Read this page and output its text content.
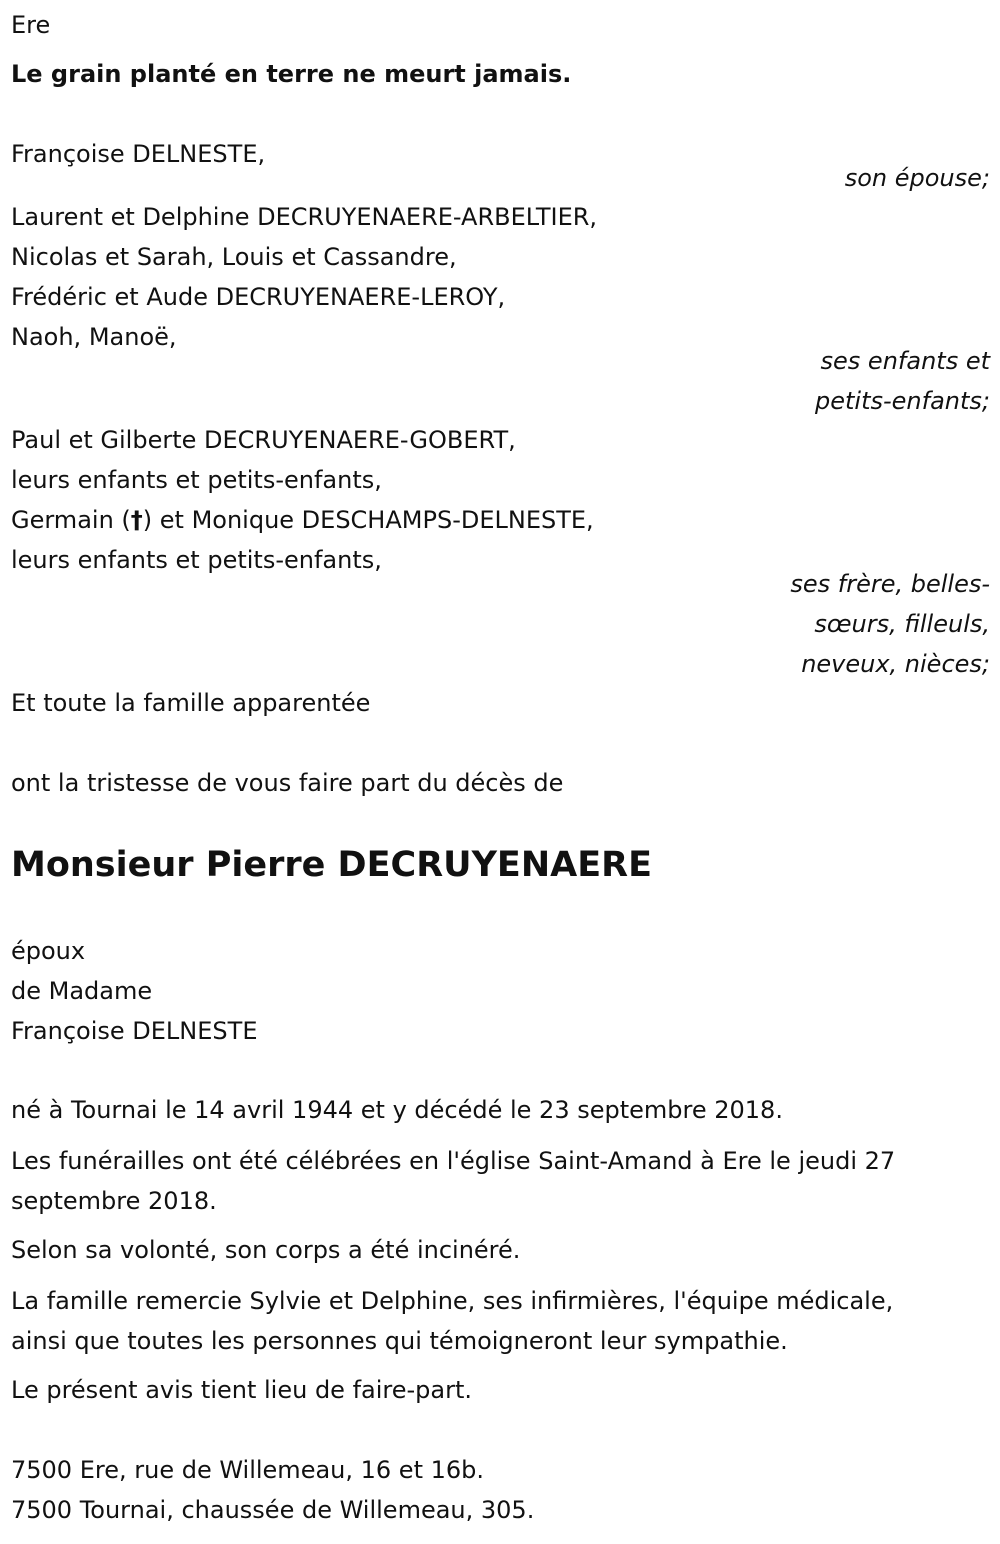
Ere
Le grain planté en terre ne meurt jamais.
Françoise DELNESTE,
son épouse;
Laurent et Delphine DECRUYENAERE-ARBELTIER,
Nicolas et Sarah, Louis et Cassandre,
Frédéric et Aude DECRUYENAERE-LEROY,
Naoh, Manoë,
ses enfants et
petits-enfants;
Paul et Gilberte DECRUYENAERE-GOBERT,
leurs enfants et petits-enfants,
Germain (†) et Monique DESCHAMPS-DELNESTE,
leurs enfants et petits-enfants,
ses frère, belles-
sœurs, filleuls,
neveux, nièces;
Et toute la famille apparentée
ont la tristesse de vous faire part du décès de
Monsieur Pierre DECRUYENAERE
époux
de Madame
Françoise DELNESTE
né à Tournai le 14 avril 1944 et y décédé le 23 septembre 2018.
Les funérailles ont été célébrées en l'église Saint-Amand à Ere le jeudi 27
septembre 2018.
Selon sa volonté, son corps a été incinéré.
La famille remercie Sylvie et Delphine, ses infirmières, l'équipe médicale,
ainsi que toutes les personnes qui témoigneront leur sympathie.
Le présent avis tient lieu de faire-part.
7500 Ere, rue de Willemeau, 16 et 16b.
7500 Tournai, chaussée de Willemeau, 305.
